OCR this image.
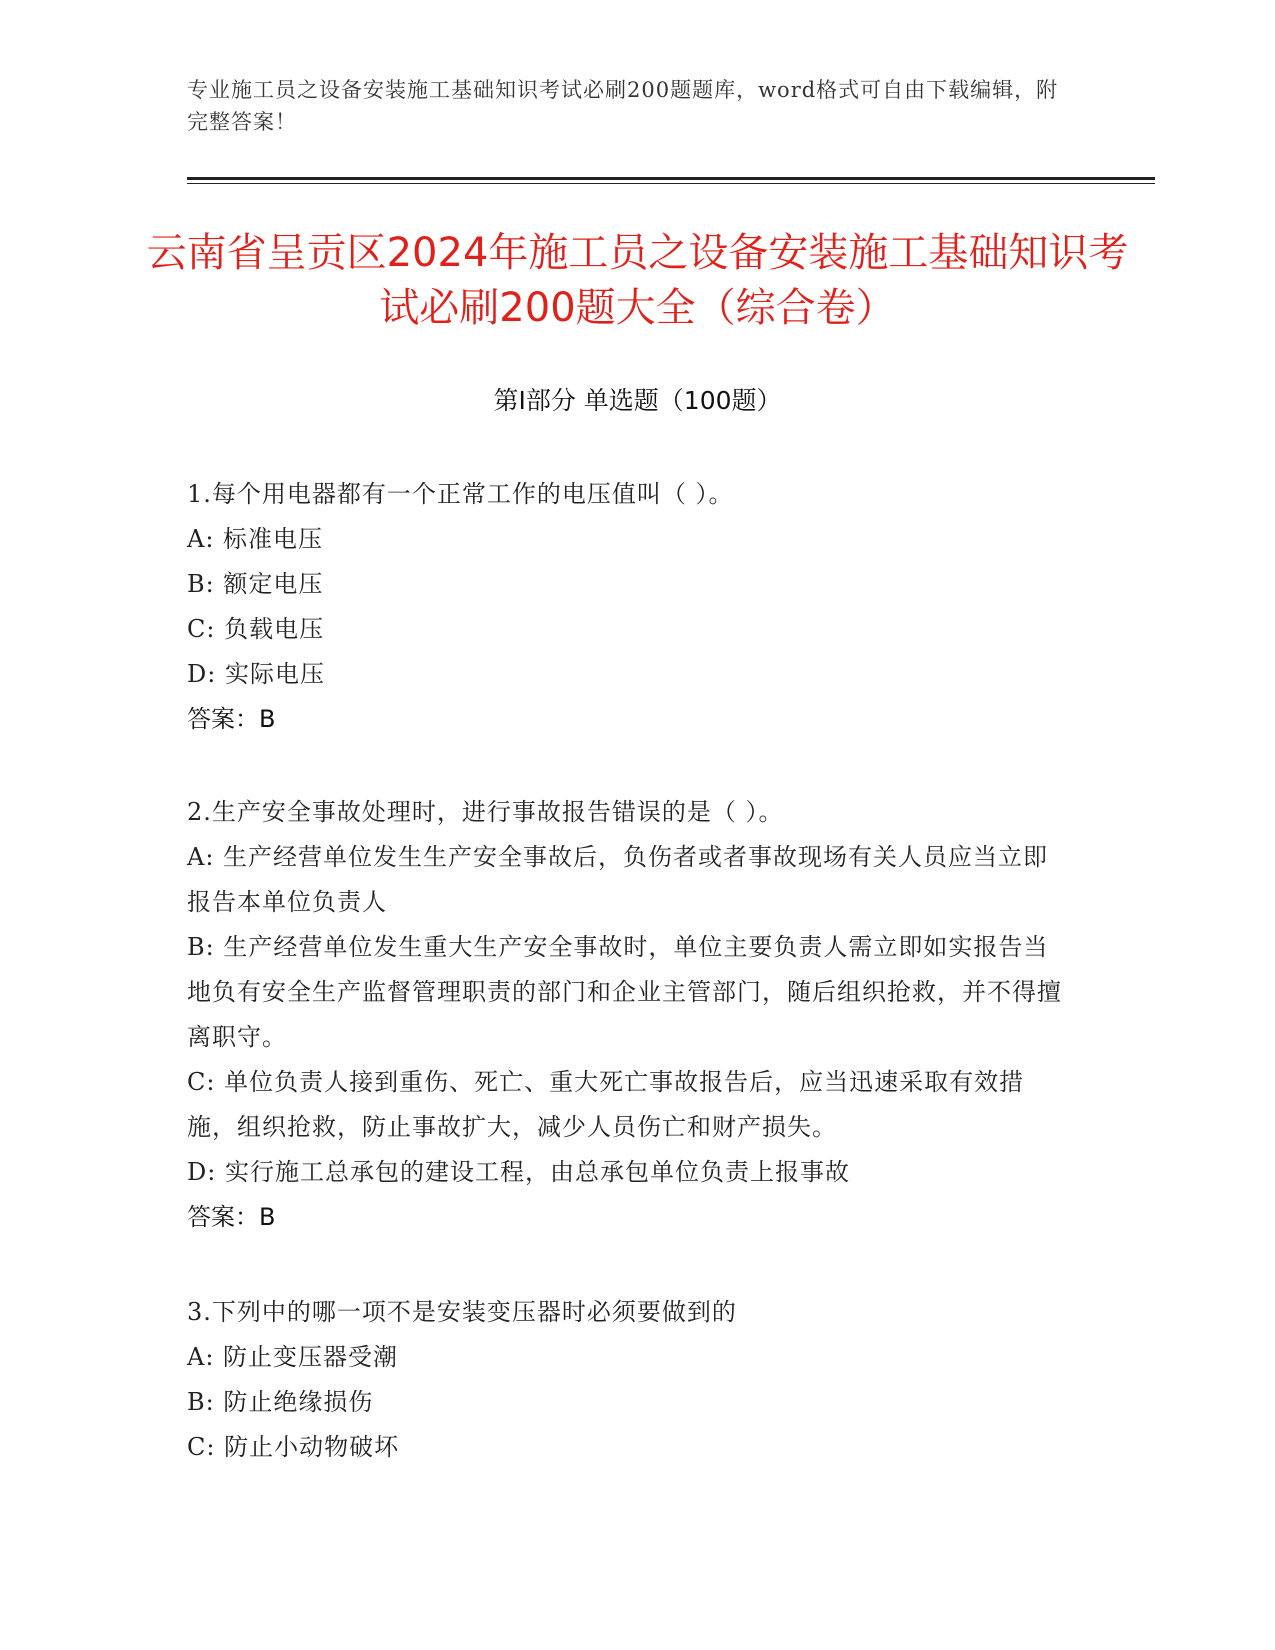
专业施工员之设备安装施工基础知识考试必刷200题题库，word格式可自由下载编辑，附完整答案！
云南省呈贡区2024年施工员之设备安装施工基础知识考试必刷200题大全（综合卷）
第I部分 单选题（100题）
1.每个用电器都有一个正常工作的电压值叫（ ）。
A: 标准电压
B: 额定电压
C: 负载电压
D: 实际电压
答案：B
2.生产安全事故处理时，进行事故报告错误的是（ ）。
A: 生产经营单位发生生产安全事故后，负伤者或者事故现场有关人员应当立即报告本单位负责人
B: 生产经营单位发生重大生产安全事故时，单位主要负责人需立即如实报告当地负有安全生产监督管理职责的部门和企业主管部门，随后组织抢救，并不得擅离职守。
C: 单位负责人接到重伤、死亡、重大死亡事故报告后，应当迅速采取有效措施，组织抢救，防止事故扩大，减少人员伤亡和财产损失。
D: 实行施工总承包的建设工程，由总承包单位负责上报事故
答案：B
3.下列中的哪一项不是安装变压器时必须要做到的
A: 防止变压器受潮
B: 防止绝缘损伤
C: 防止小动物破坏
